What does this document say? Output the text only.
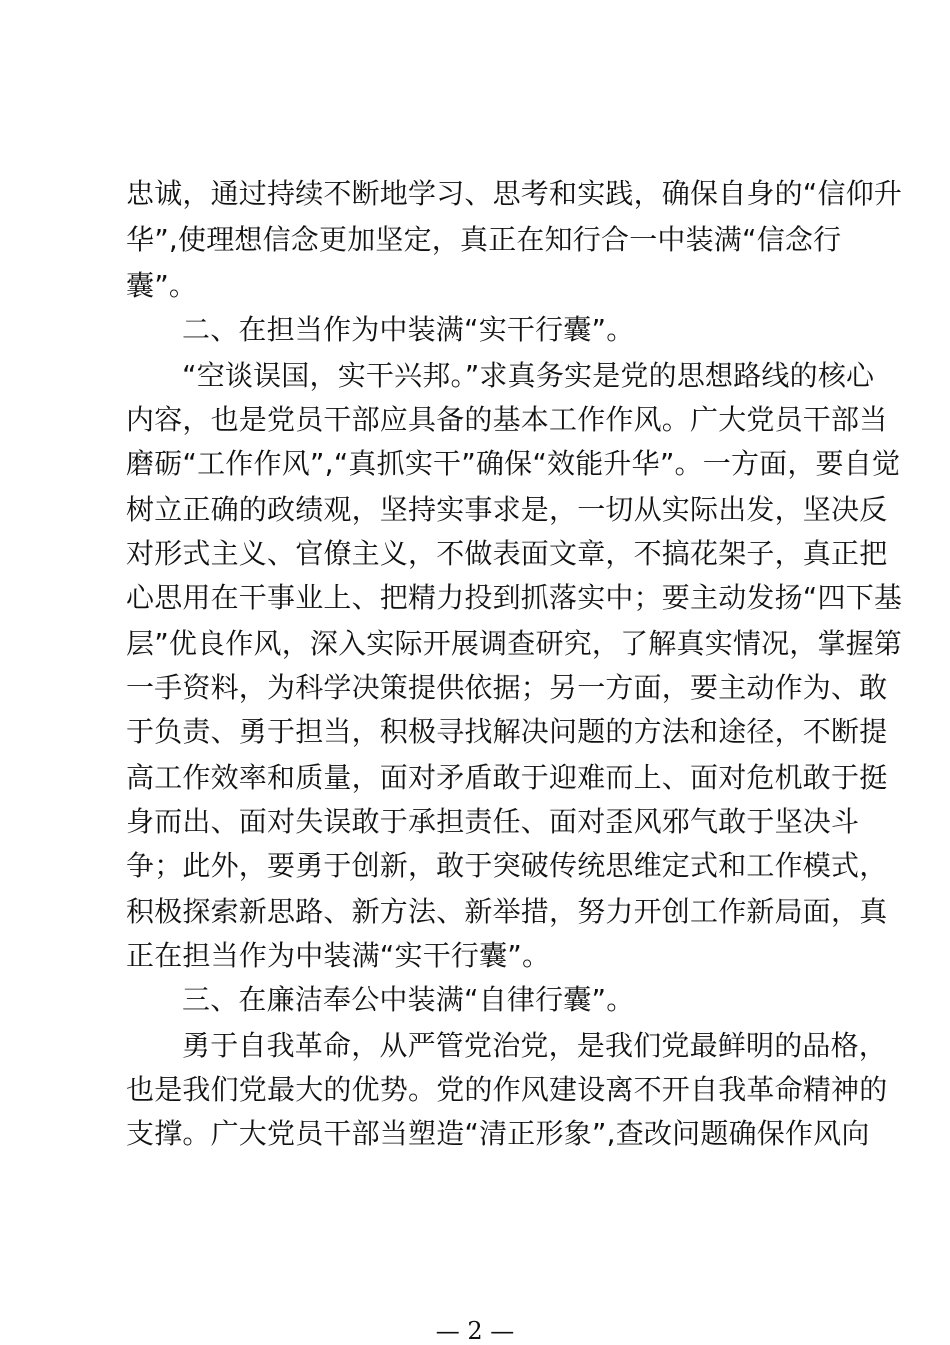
忠诚，通过持续不断地学习、思考和实践，确保自身的“信仰升
华”,使理想信念更加坚定，真正在知行合一中装满“信念行
囊”。
二、在担当作为中装满“实干行囊”。
“空谈误国，实干兴邦。”求真务实是党的思想路线的核心
内容，也是党员干部应具备的基本工作作风。广大党员干部当
磨砺“工作作风”,“真抓实干”确保“效能升华”。一方面，要自觉
树立正确的政绩观，坚持实事求是，一切从实际出发，坚决反
对形式主义、官僚主义，不做表面文章，不搞花架子，真正把
心思用在干事业上、把精力投到抓落实中；要主动发扬“四下基
层”优良作风，深入实际开展调查研究，了解真实情况，掌握第
一手资料，为科学决策提供依据；另一方面，要主动作为、敢
于负责、勇于担当，积极寻找解决问题的方法和途径，不断提
高工作效率和质量，面对矛盾敢于迎难而上、面对危机敢于挺
身而出、面对失误敢于承担责任、面对歪风邪气敢于坚决斗
争；此外，要勇于创新，敢于突破传统思维定式和工作模式，
积极探索新思路、新方法、新举措，努力开创工作新局面，真
正在担当作为中装满“实干行囊”。
三、在廉洁奉公中装满“自律行囊”。
勇于自我革命，从严管党治党，是我们党最鲜明的品格，
也是我们党最大的优势。党的作风建设离不开自我革命精神的
支撑。广大党员干部当塑造“清正形象”,查改问题确保作风向
— 2 —
